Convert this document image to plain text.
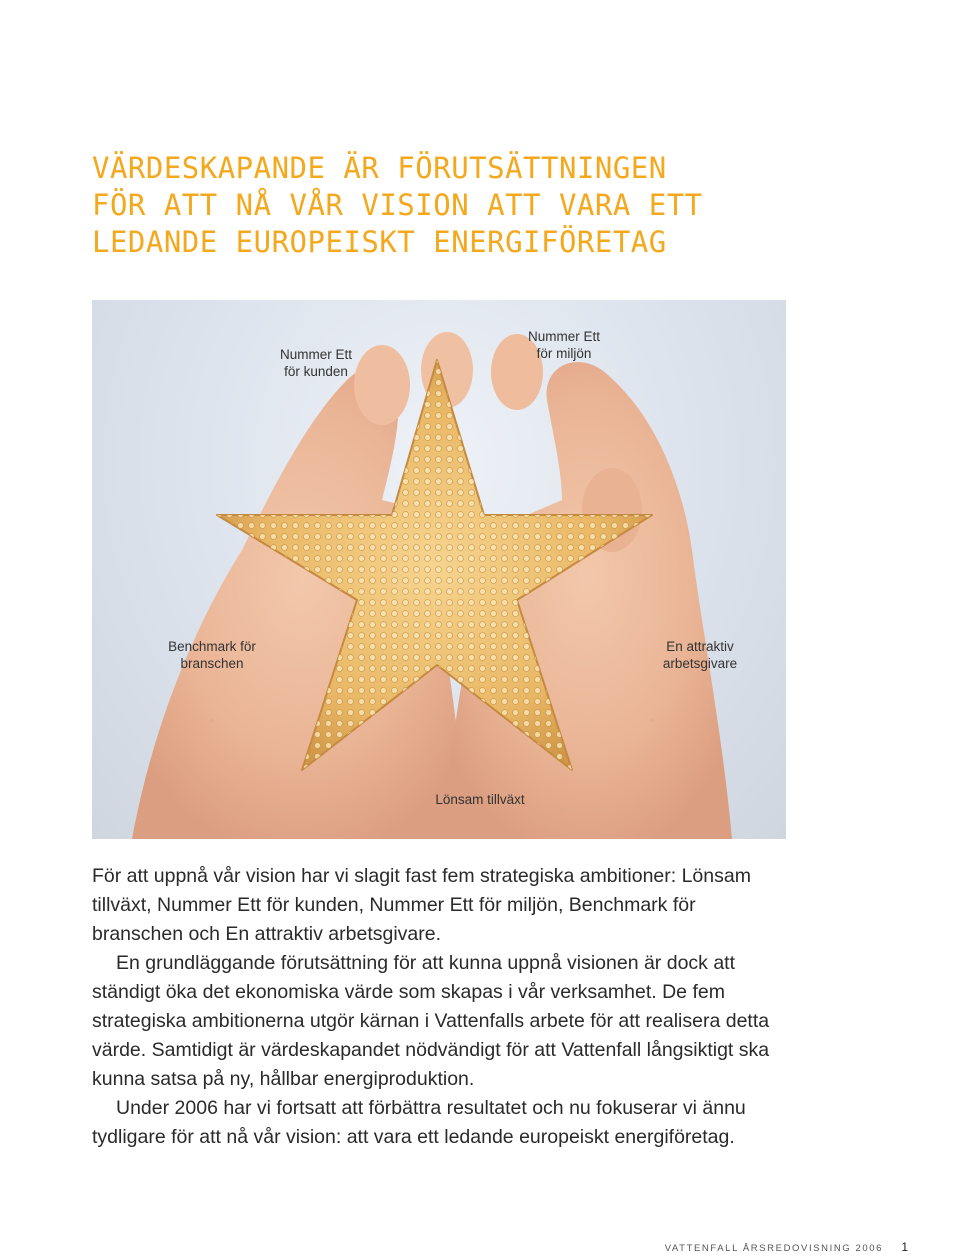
VÄRDESKAPANDE ÄR FÖRUTSÄTTNINGEN
FÖR ATT NÅ VÅR VISION ATT VARA ETT
LEDANDE EUROPEISKT ENERGIFÖRETAG
Nummer Ett
för kunden
Nummer Ett
för miljön
Benchmark för
branschen
En attraktiv
arbetsgivare
Lönsam tillväxt

För att uppnå vår vision har vi slagit fast fem strategiska ambitioner: Lönsam tillväxt, Nummer Ett för kunden, Nummer Ett för miljön, Benchmark för branschen och En attraktiv arbetsgivare.

En grundläggande förutsättning för att kunna uppnå visionen är dock att ständigt öka det ekonomiska värde som skapas i vår verksamhet. De fem strategiska ambitionerna utgör kärnan i Vattenfalls arbete för att realisera detta värde. Samtidigt är värdeskapandet nödvändigt för att Vattenfall långsiktigt ska kunna satsa på ny, hållbar energiproduktion.

Under 2006 har vi fortsatt att förbättra resultatet och nu fokuserar vi ännu tydligare för att nå vår vision: att vara ett ledande europeiskt energiföretag.

VATTENFALL ÅRSREDOVISNING 2006 1
